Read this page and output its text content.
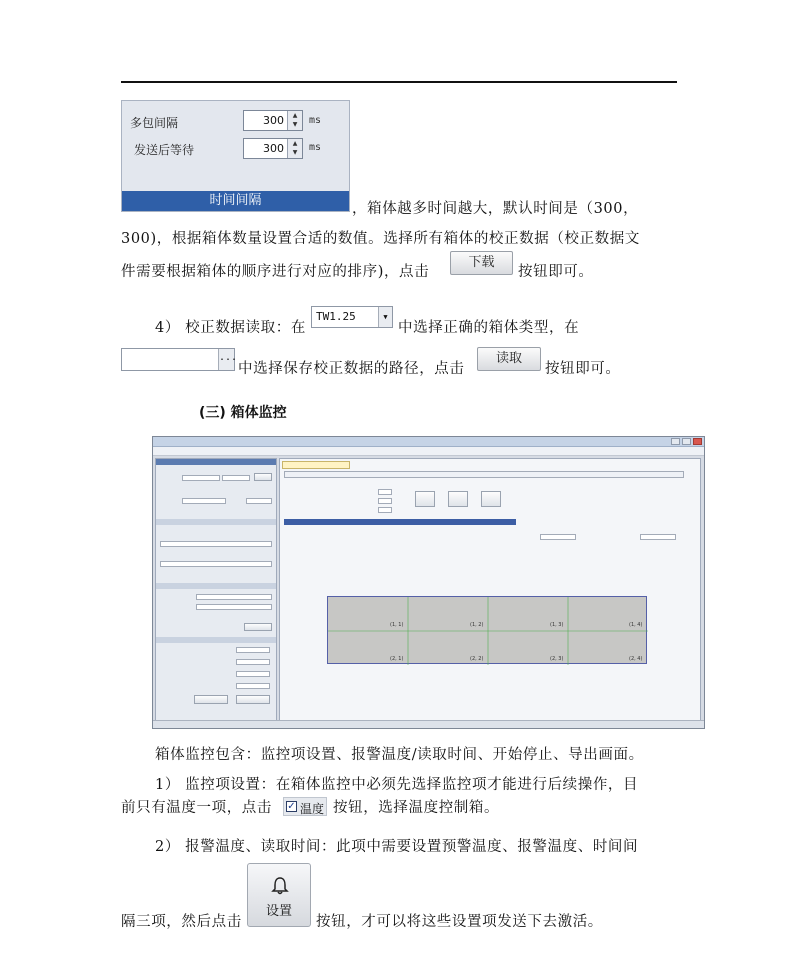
多包间隔	300	▲
▼	ms
发送后等待	300	▲
▼	ms
时间间隔
，箱体越多时间越大，默认时间是（300，
300)，根据箱体数量设置合适的数值。选择所有箱体的校正数据（校正数据文
件需要根据箱体的顺序进行对应的排序)，点击
下载
按钮即可。
4） 校正数据读取：在
TW1.25	▼
中选择正确的箱体类型，在
...
中选择保存校正数据的路径，点击
读取
按钮即可。
(三) 箱体监控
(1, 1)	(1, 2)	(1, 3)	(1, 4)
(2, 1)	(2, 2)	(2, 3)	(2, 4)
箱体监控包含：监控项设置、报警温度/读取时间、开始停止、导出画面。
1） 监控项设置：在箱体监控中必须先选择监控项才能进行后续操作，目
前只有温度一项，点击 ✓ 温度 按钮，选择温度控制箱。
2） 报警温度、读取时间：此项中需要设置预警温度、报警温度、时间间
隔三项，然后点击
设置
按钮，才可以将这些设置项发送下去激活。
